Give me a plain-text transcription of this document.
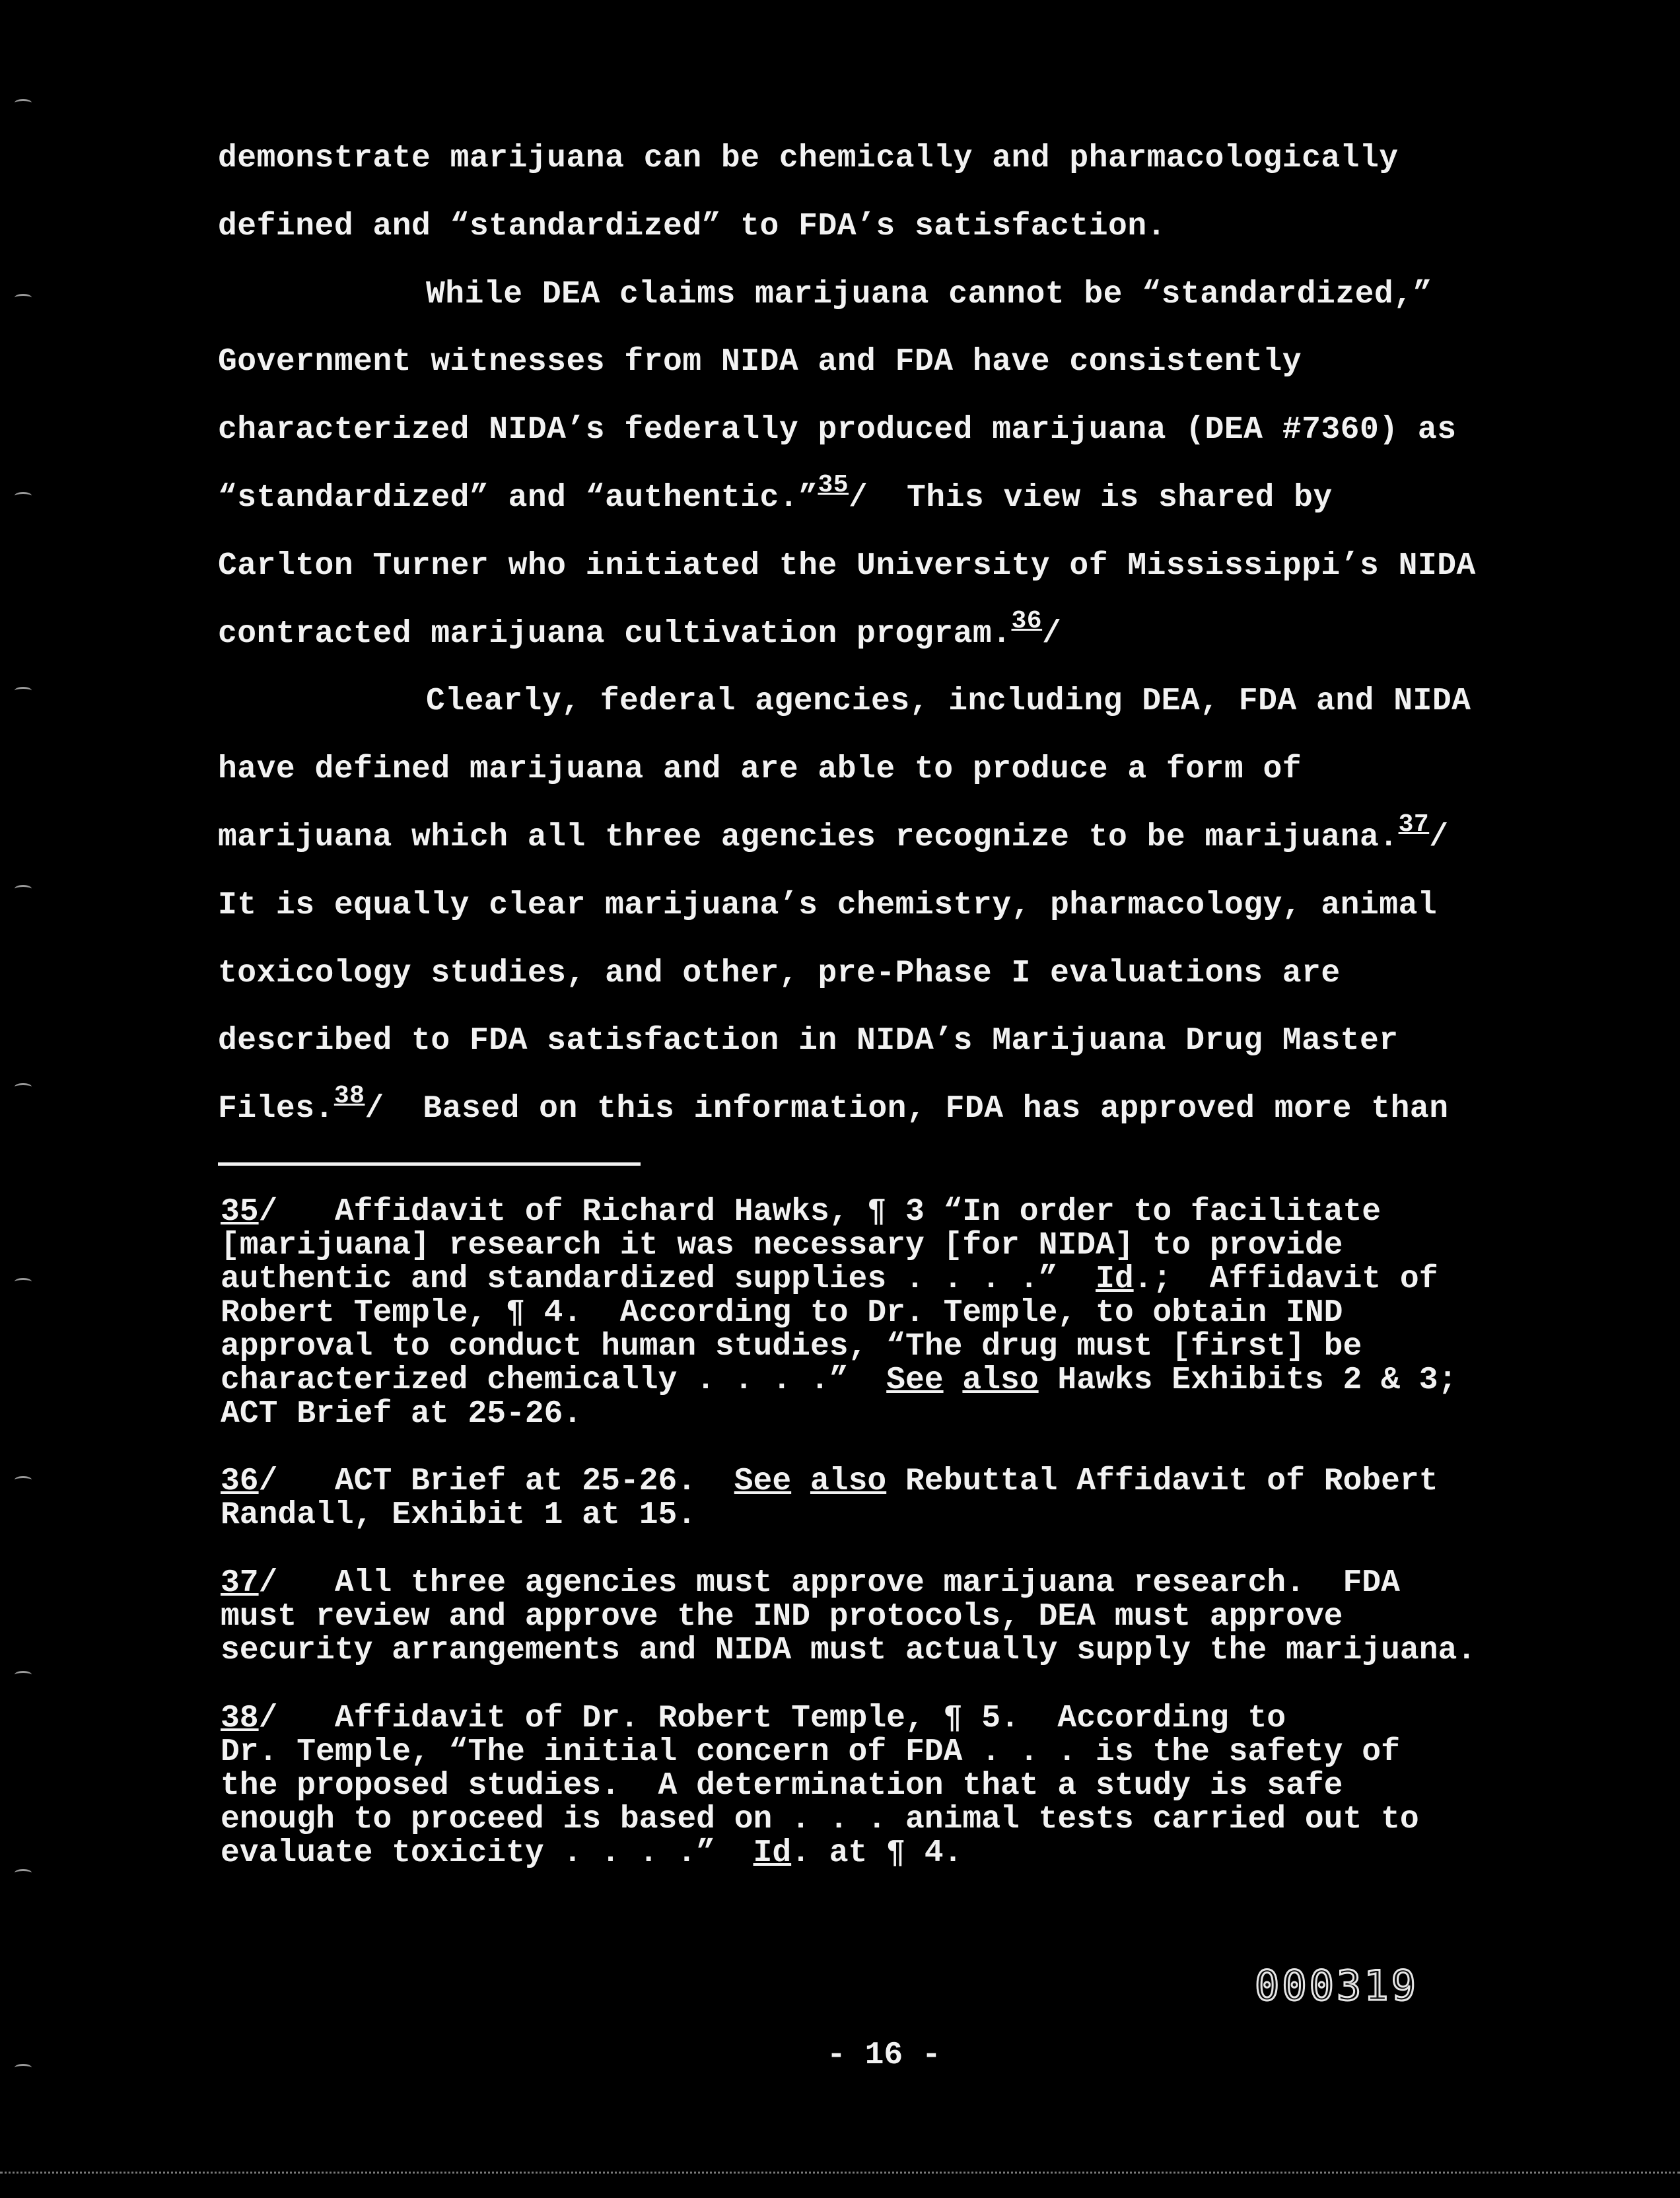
demonstrate marijuana can be chemically and pharmacologically
defined and “standardized” to FDA’s satisfaction.
While DEA claims marijuana cannot be “standardized,”
Government witnesses from NIDA and FDA have consistently
characterized NIDA’s federally produced marijuana (DEA #7360) as
“standardized” and “authentic.”$^{35}$/  This view is shared by
Carlton Turner who initiated the University of Mississippi’s NIDA
contracted marijuana cultivation program.$^{36}$/
Clearly, federal agencies, including DEA, FDA and NIDA
have defined marijuana and are able to produce a form of
marijuana which all three agencies recognize to be marijuana.$^{37}$/
It is equally clear marijuana’s chemistry, pharmacology, animal
toxicology studies, and other, pre-Phase I evaluations are
described to FDA satisfaction in NIDA’s Marijuana Drug Master
Files.$^{38}$/  Based on this information, FDA has approved more than
35/   Affidavit of Richard Hawks, ¶ 3 “In order to facilitate
[marijuana] research it was necessary [for NIDA] to provide
authentic and standardized supplies . . . .”  Id.;  Affidavit of
Robert Temple, ¶ 4.  According to Dr. Temple, to obtain IND
approval to conduct human studies, “The drug must [first] be
characterized chemically . . . .”  See also Hawks Exhibits 2 & 3;
ACT Brief at 25-26.
36/   ACT Brief at 25-26.  See also Rebuttal Affidavit of Robert
Randall, Exhibit 1 at 15.
37/   All three agencies must approve marijuana research.  FDA
must review and approve the IND protocols, DEA must approve
security arrangements and NIDA must actually supply the marijuana.
38/   Affidavit of Dr. Robert Temple, ¶ 5.  According to
Dr. Temple, “The initial concern of FDA . . . is the safety of
the proposed studies.  A determination that a study is safe
enough to proceed is based on . . . animal tests carried out to
evaluate toxicity . . . .”  Id. at ¶ 4.
000319
- 16 -
